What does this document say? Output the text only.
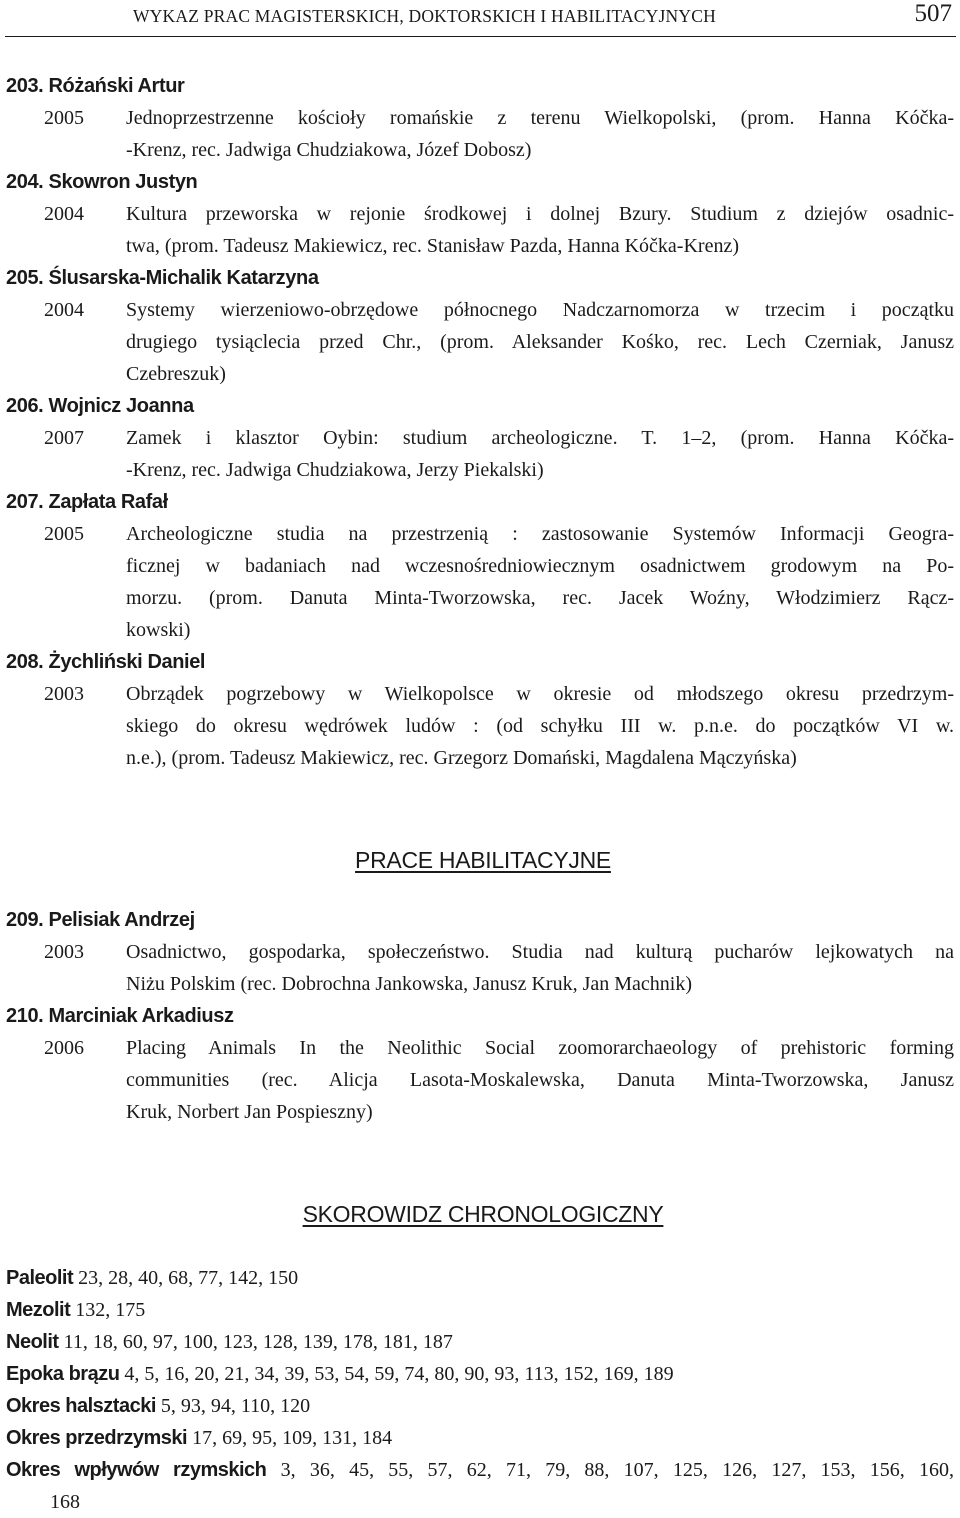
WYKAZ PRAC MAGISTERSKICH, DOKTORSKICH I HABILITACYJNYCH	507
203. Różański Artur
2005 Jednoprzestrzenne kościoły romańskie z terenu Wielkopolski, (prom. Hanna Kóčka-
-Krenz, rec. Jadwiga Chudziakowa, Józef Dobosz)
204. Skowron Justyn
2004 Kultura przeworska w rejonie środkowej i dolnej Bzury. Studium z dziejów osadnic-
twa, (prom. Tadeusz Makiewicz, rec. Stanisław Pazda, Hanna Kóčka-Krenz)
205. Ślusarska-Michalik Katarzyna
2004 Systemy wierzeniowo-obrzędowe północnego Nadczarnomorza w trzecim i początku
drugiego tysiąclecia przed Chr., (prom. Aleksander Kośko, rec. Lech Czerniak, Janusz
Czebreszuk)
206. Wojnicz Joanna
2007 Zamek i klasztor Oybin: studium archeologiczne. T. 1–2, (prom. Hanna Kóčka-
-Krenz, rec. Jadwiga Chudziakowa, Jerzy Piekalski)
207. Zapłata Rafał
2005 Archeologiczne studia na przestrzenią : zastosowanie Systemów Informacji Geogra-
ficznej w badaniach nad wczesnośredniowiecznym osadnictwem grodowym na Po-
morzu. (prom. Danuta Minta-Tworzowska, rec. Jacek Woźny, Włodzimierz Rącz-
kowski)
208. Żychliński Daniel
2003 Obrządek pogrzebowy w Wielkopolsce w okresie od młodszego okresu przedrzym-
skiego do okresu wędrówek ludów : (od schyłku III w. p.n.e. do początków VI w.
n.e.), (prom. Tadeusz Makiewicz, rec. Grzegorz Domański, Magdalena Mączyńska)
PRACE HABILITACYJNE
209. Pelisiak Andrzej
2003 Osadnictwo, gospodarka, społeczeństwo. Studia nad kulturą pucharów lejkowatych na
Niżu Polskim (rec. Dobrochna Jankowska, Janusz Kruk, Jan Machnik)
210. Marciniak Arkadiusz
2006 Placing Animals In the Neolithic Social zoomorarchaeology of prehistoric forming
communities (rec. Alicja Lasota-Moskalewska, Danuta Minta-Tworzowska, Janusz
Kruk, Norbert Jan Pospieszny)
SKOROWIDZ CHRONOLOGICZNY
Paleolit 23, 28, 40, 68, 77, 142, 150
Mezolit 132, 175
Neolit 11, 18, 60, 97, 100, 123, 128, 139, 178, 181, 187
Epoka brązu 4, 5, 16, 20, 21, 34, 39, 53, 54, 59, 74, 80, 90, 93, 113, 152, 169, 189
Okres halsztacki 5, 93, 94, 110, 120
Okres przedrzymski 17, 69, 95, 109, 131, 184
Okres wpływów rzymskich 3, 36, 45, 55, 57, 62, 71, 79, 88, 107, 125, 126, 127, 153, 156, 160,
168
